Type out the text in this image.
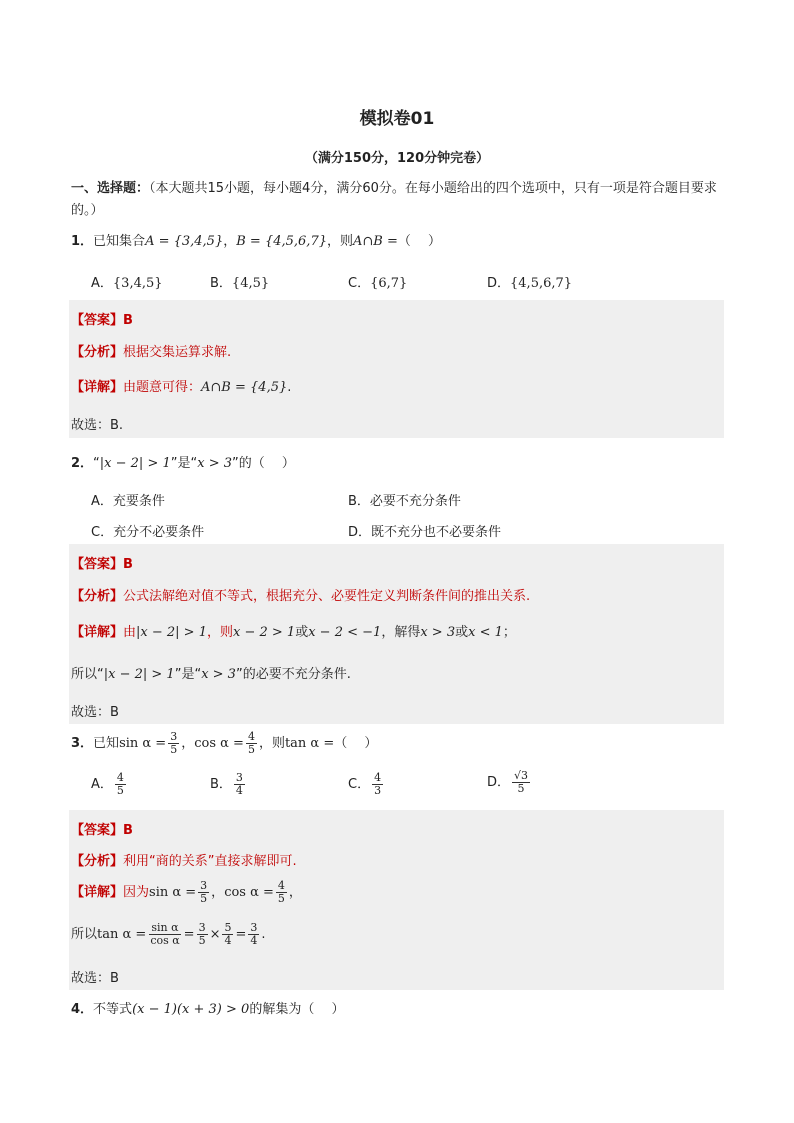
模拟卷01
（满分150分，120分钟完卷）
一、选择题：（本大题共15小题，每小题4分，满分60分。在每小题给出的四个选项中，只有一项是符合题目要求的。）
1．已知集合A = {3,4,5}，B = {4,5,6,7}，则A∩B =（　 ）
A．{3,4,5}	B．{4,5}	C．{6,7}	D．{4,5,6,7}
【答案】B
【分析】根据交集运算求解.
【详解】由题意可得：A∩B = {4,5}.
故选：B.
2．“|x − 2| > 1”是“x > 3”的（　 ）
A．充要条件	B．必要不充分条件
C．充分不必要条件	D．既不充分也不必要条件
【答案】B
【分析】公式法解绝对值不等式，根据充分、必要性定义判断条件间的推出关系.
【详解】由|x − 2| > 1，则x − 2 > 1或x − 2 < −1，解得x > 3或x < 1；
所以“|x − 2| > 1”是“x > 3”的必要不充分条件.
故选：B
3．已知$\sin \alpha = \frac{3}{5}$ ，$\cos \alpha = \frac{4}{5}$ ，则tan α =（　 ）
A． $\frac{4}{5}$	B． $\frac{3}{4}$	C． $\frac{4}{3}$	D． $\frac{√3}{5}$
【答案】B
【分析】利用“商的关系”直接求解即可.
【详解】因为$\sin \alpha = \frac{3}{5}$ ，$\cos \alpha = \frac{4}{5}$ ，
所以$\tan \alpha = \frac{\text{sin α}}{\text{cos α}} = \frac{3}{5} \times \frac{5}{4} = \frac{3}{4}$ .
故选：B
4．不等式(x − 1)(x + 3) > 0的解集为（　 ）
